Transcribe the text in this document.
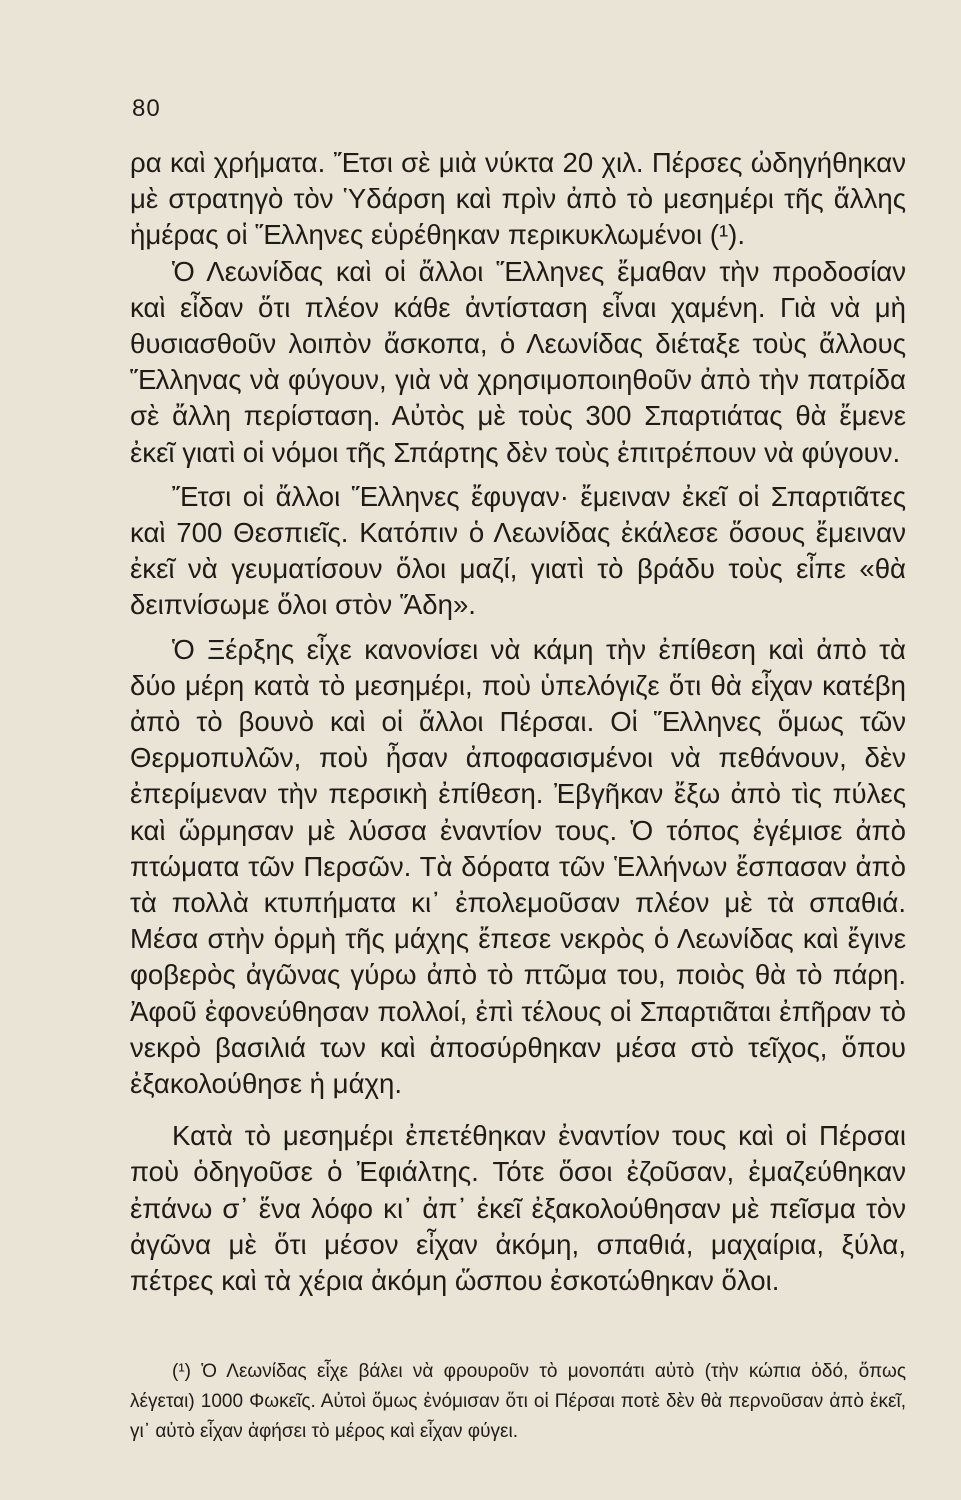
80

ρα καὶ χρήματα. Ἔτσι σὲ μιὰ νύκτα 20 χιλ. Πέρσες ὠδηγήθηκαν μὲ στρατηγὸ τὸν Ὑδάρση καὶ πρὶν ἀπὸ τὸ μεσημέρι τῆς ἄλλης ἡμέρας οἱ Ἕλληνες εὑρέθηκαν περικυκλωμένοι (¹).

Ὁ Λεωνίδας καὶ οἱ ἄλλοι Ἕλληνες ἔμαθαν τὴν προδοσίαν καὶ εἶδαν ὅτι πλέον κάθε ἀντίσταση εἶναι χαμένη. Γιὰ νὰ μὴ θυσιασθοῦν λοιπὸν ἄσκοπα, ὁ Λεωνίδας διέταξε τοὺς ἄλλους Ἕλληνας νὰ φύγουν, γιὰ νὰ χρησιμοποιηθοῦν ἀπὸ τὴν πατρίδα σὲ ἄλλη περίσταση. Αὐτὸς μὲ τοὺς 300 Σπαρτιάτας θὰ ἔμενε ἐκεῖ γιατὶ οἱ νόμοι τῆς Σπάρτης δὲν τοὺς ἐπιτρέπουν νὰ φύγουν.

Ἔτσι οἱ ἄλλοι Ἕλληνες ἔφυγαν· ἔμειναν ἐκεῖ οἱ Σπαρτιᾶτες καὶ 700 Θεσπιεῖς. Κατόπιν ὁ Λεωνίδας ἐκάλεσε ὅσους ἔμειναν ἐκεῖ νὰ γευματίσουν ὅλοι μαζί, γιατὶ τὸ βράδυ τοὺς εἶπε «θὰ δειπνίσωμε ὅλοι στὸν Ἅδη».

Ὁ Ξέρξης εἶχε κανονίσει νὰ κάμη τὴν ἐπίθεση καὶ ἀπὸ τὰ δύο μέρη κατὰ τὸ μεσημέρι, ποὺ ὑπελόγιζε ὅτι θὰ εἶχαν κατέβη ἀπὸ τὸ βουνὸ καὶ οἱ ἄλλοι Πέρσαι. Οἱ Ἕλληνες ὅμως τῶν Θερμοπυλῶν, ποὺ ἦσαν ἀποφασισμένοι νὰ πεθάνουν, δὲν ἐπερίμεναν τὴν περσικὴ ἐπίθεση. Ἐβγῆκαν ἔξω ἀπὸ τὶς πύλες καὶ ὥρμησαν μὲ λύσσα ἐναντίον τους. Ὁ τόπος ἐγέμισε ἀπὸ πτώματα τῶν Περσῶν. Τὰ δόρατα τῶν Ἑλλήνων ἔσπασαν ἀπὸ τὰ πολλὰ κτυπήματα κι᾽ ἐπολεμοῦσαν πλέον μὲ τὰ σπαθιά. Μέσα στὴν ὁρμὴ τῆς μάχης ἔπεσε νεκρὸς ὁ Λεωνίδας καὶ ἔγινε φοβερὸς ἀγῶνας γύρω ἀπὸ τὸ πτῶμα του, ποιὸς θὰ τὸ πάρη. Ἀφοῦ ἐφονεύθησαν πολλοί, ἐπὶ τέλους οἱ Σπαρτιᾶται ἐπῆραν τὸ νεκρὸ βασιλιά των καὶ ἀποσύρθηκαν μέσα στὸ τεῖχος, ὅπου ἐξακολούθησε ἡ μάχη.

Κατὰ τὸ μεσημέρι ἐπετέθηκαν ἐναντίον τους καὶ οἱ Πέρσαι ποὺ ὁδηγοῦσε ὁ Ἐφιάλτης. Τότε ὅσοι ἐζοῦσαν, ἐμαζεύθηκαν ἐπάνω σ᾽ ἕνα λόφο κι᾽ ἀπ᾽ ἐκεῖ ἐξακολούθησαν μὲ πεῖσμα τὸν ἀγῶνα μὲ ὅτι μέσον εἶχαν ἀκόμη, σπαθιά, μαχαίρια, ξύλα, πέτρες καὶ τὰ χέρια ἀκόμη ὥσπου ἐσκοτώθηκαν ὅλοι.

(¹) Ὁ Λεωνίδας εἶχε βάλει νὰ φρουροῦν τὸ μονοπάτι αὐτὸ (τὴν κώπια ὁδό, ὅπως λέγεται) 1000 Φωκεῖς. Αὐτοὶ ὅμως ἐνόμισαν ὅτι οἱ Πέρσαι ποτὲ δὲν θὰ περνοῦσαν ἀπὸ ἐκεῖ, γι᾽ αὐτὸ εἶχαν ἀφήσει τὸ μέρος καὶ εἶχαν φύγει.
